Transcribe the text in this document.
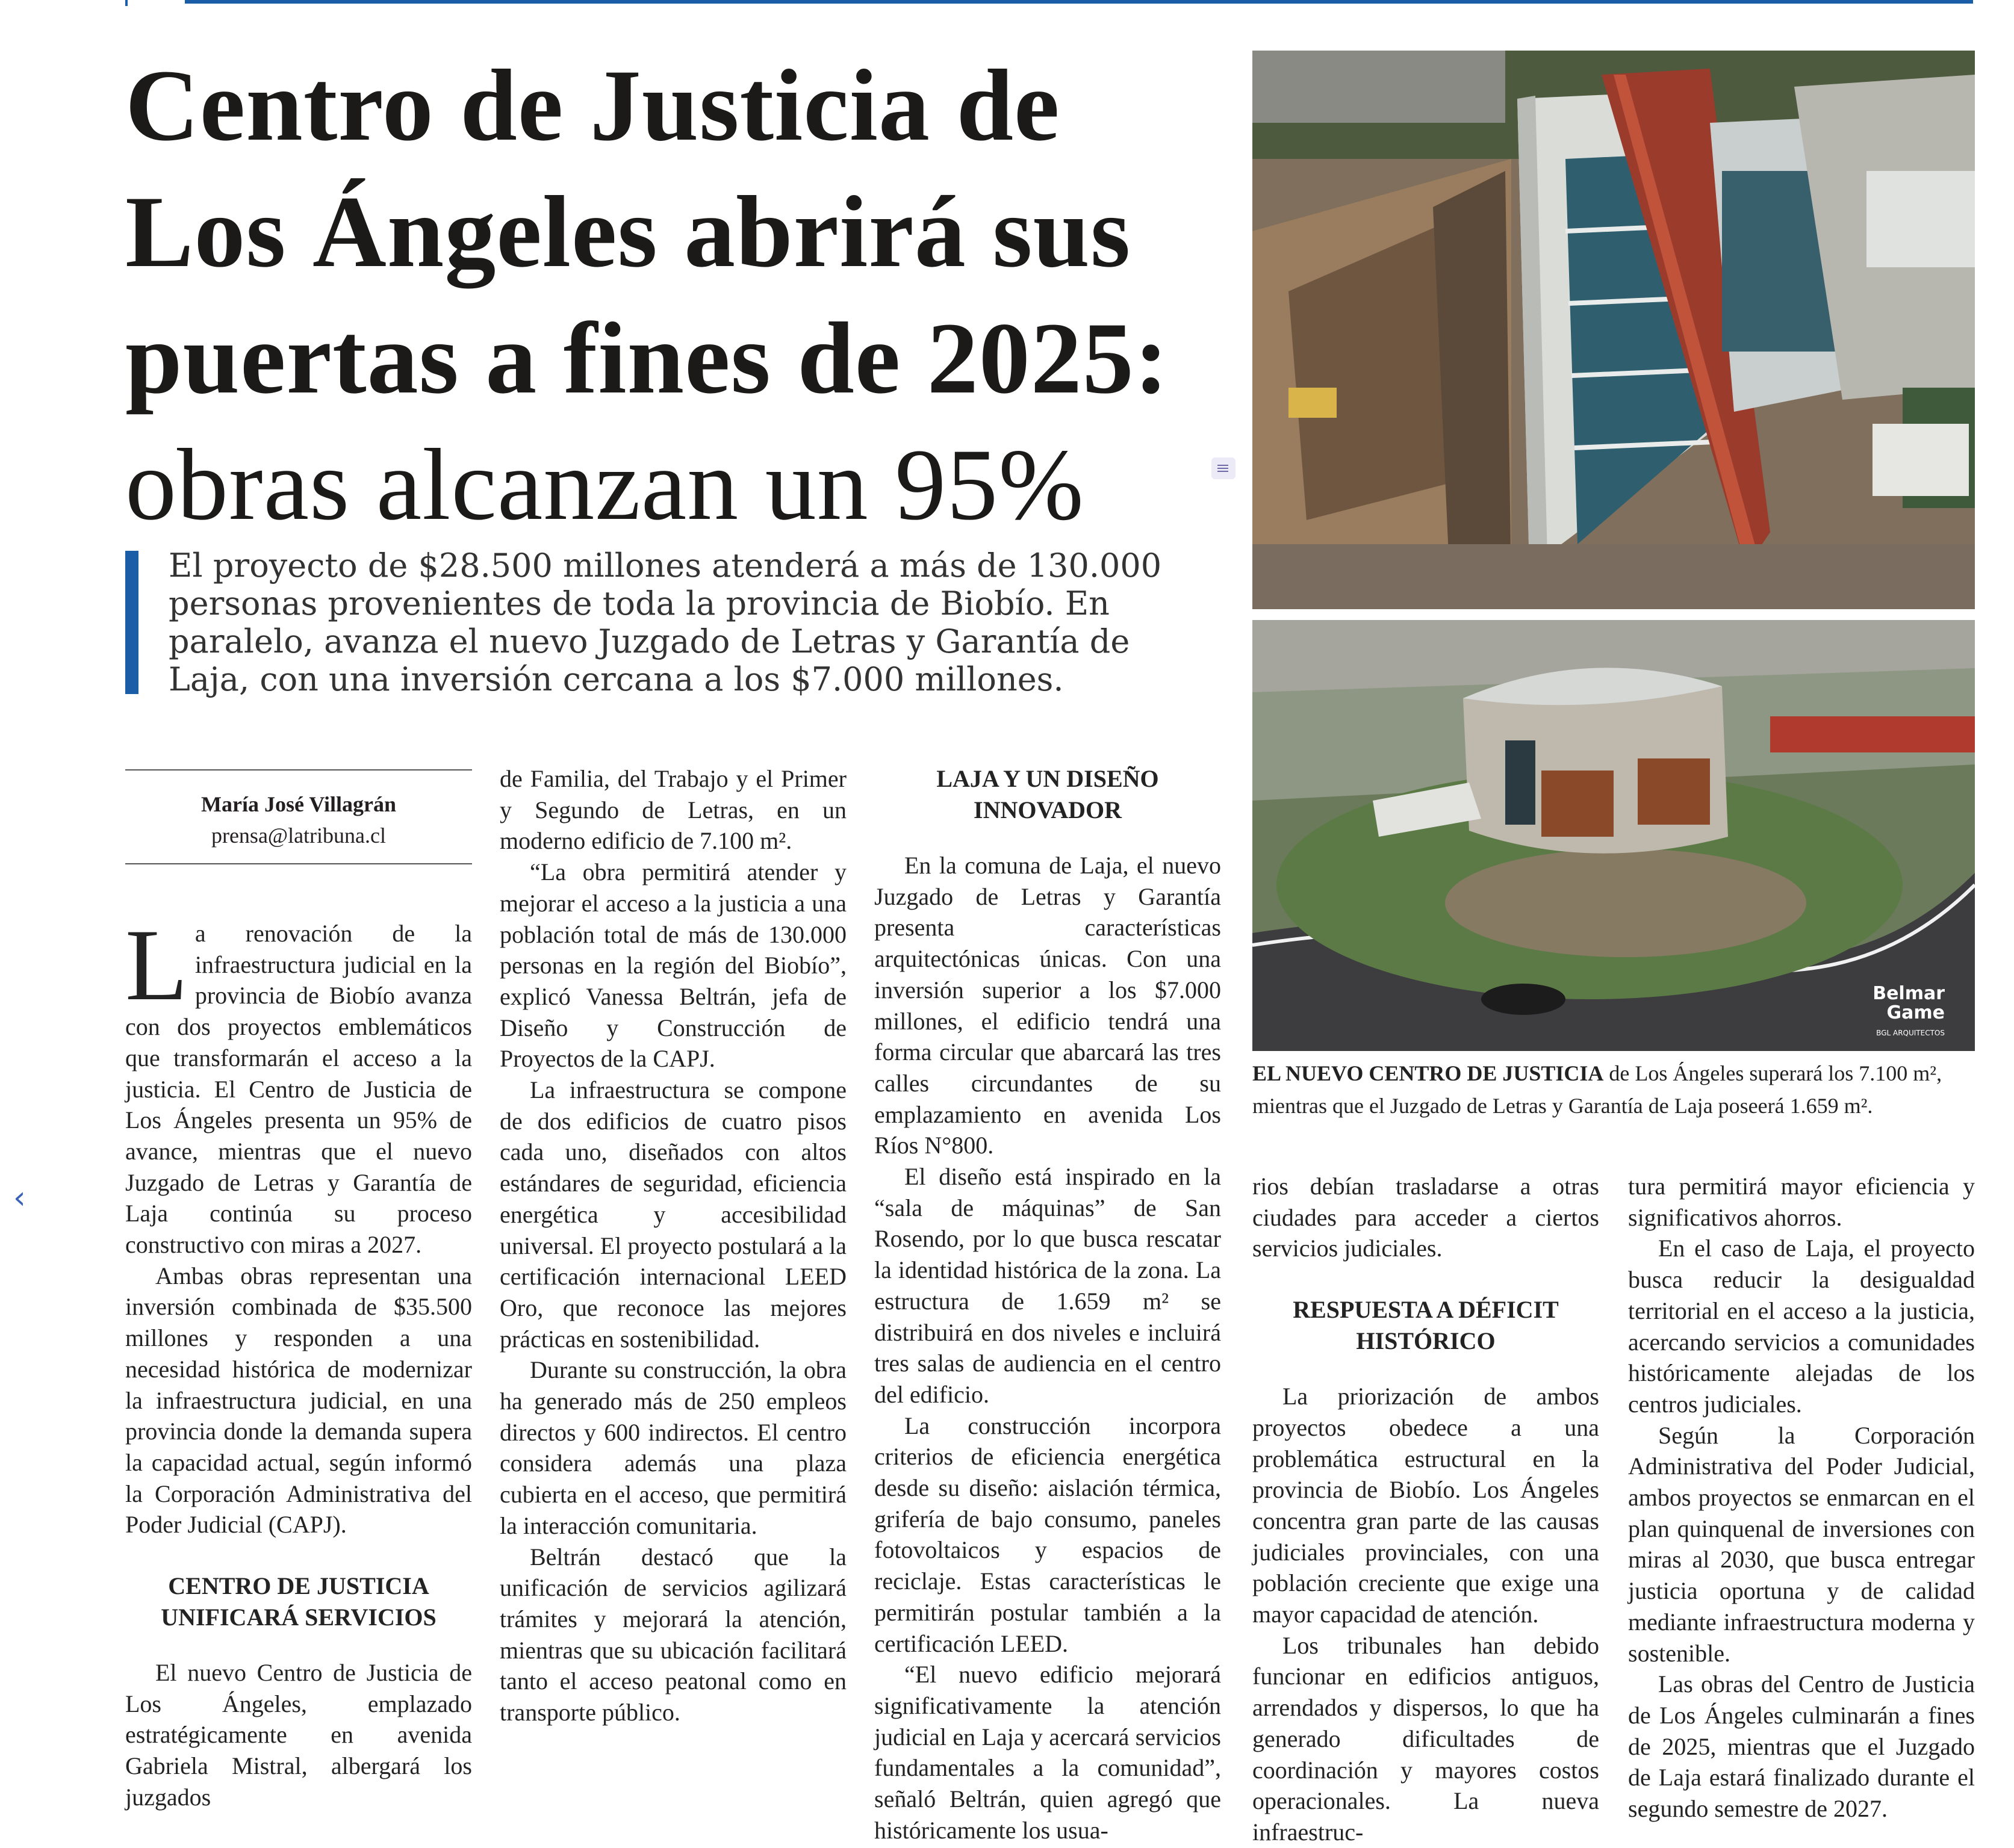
Centro de Justicia de
Los Ángeles abrirá sus
puertas a fines de 2025:
obras alcanzan un 95%
El proyecto de $28.500 millones atenderá a más de 130.000 personas provenientes de toda la provincia de Biobío. En paralelo, avanza el nuevo Juzgado de Letras y Garantía de Laja, con una inversión cercana a los $7.000 millones.
María José Villagrán
prensa@latribuna.cl
Belmar
Game
BGL ARQUITECTOS
EL NUEVO CENTRO DE JUSTICIA de Los Ángeles superará los 7.100 m², mientras que el Juzgado de Letras y Garantía de Laja poseerá 1.659 m².

La renovación de la infraestructura judicial en la provincia de Biobío avanza con dos proyectos emblemáticos que transformarán el acceso a la justicia. El Centro de Justicia de Los Ángeles presenta un 95% de avance, mientras que el nuevo Juzgado de Letras y Garantía de Laja continúa su proceso constructivo con miras a 2027.

Ambas obras representan una inversión combinada de $35.500 millones y responden a una necesidad histórica de modernizar la infraestructura judicial, en una provincia donde la demanda supera la capacidad actual, según informó la Corporación Administrativa del Poder Judicial (CAPJ).

CENTRO DE JUSTICIA UNIFICARÁ SERVICIOS

El nuevo Centro de Justicia de Los Ángeles, emplazado estratégicamente en avenida Gabriela Mistral, albergará los juzgados

de Familia, del Trabajo y el Primer y Segundo de Letras, en un moderno edificio de 7.100 m².

“La obra permitirá atender y mejorar el acceso a la justicia a una población total de más de 130.000 personas en la región del Biobío”, explicó Vanessa Beltrán, jefa de Diseño y Construcción de Proyectos de la CAPJ.

La infraestructura se compone de dos edificios de cuatro pisos cada uno, diseñados con altos estándares de seguridad, eficiencia energética y accesibilidad universal. El proyecto postulará a la certificación internacional LEED Oro, que reconoce las mejores prácticas en sostenibilidad.

Durante su construcción, la obra ha generado más de 250 empleos directos y 600 indirectos. El centro considera además una plaza cubierta en el acceso, que permitirá la interacción comunitaria.

Beltrán destacó que la unificación de servicios agilizará trámites y mejorará la atención, mientras que su ubicación facilitará tanto el acceso peatonal como en transporte público.

LAJA Y UN DISEÑO INNOVADOR

En la comuna de Laja, el nuevo Juzgado de Letras y Garantía presenta características arquitectónicas únicas. Con una inversión superior a los $7.000 millones, el edificio tendrá una forma circular que abarcará las tres calles circundantes de su emplazamiento en avenida Los Ríos N°800.

El diseño está inspirado en la “sala de máquinas” de San Rosendo, por lo que busca rescatar la identidad histórica de la zona. La estructura de 1.659 m² se distribuirá en dos niveles e incluirá tres salas de audiencia en el centro del edificio.

La construcción incorpora criterios de eficiencia energética desde su diseño: aislación térmica, grifería de bajo consumo, paneles fotovoltaicos y espacios de reciclaje. Estas características le permitirán postular también a la certificación LEED.

“El nuevo edificio mejorará significativamente la atención judicial en Laja y acercará servicios fundamentales a la comunidad”, señaló Beltrán, quien agregó que históricamente los usua-

rios debían trasladarse a otras ciudades para acceder a ciertos servicios judiciales.

RESPUESTA A DÉFICIT HISTÓRICO

La priorización de ambos proyectos obedece a una problemática estructural en la provincia de Biobío. Los Ángeles concentra gran parte de las causas judiciales provinciales, con una población creciente que exige una mayor capacidad de atención.

Los tribunales han debido funcionar en edificios antiguos, arrendados y dispersos, lo que ha generado dificultades de coordinación y mayores costos operacionales. La nueva infraestruc-

tura permitirá mayor eficiencia y significativos ahorros.

En el caso de Laja, el proyecto busca reducir la desigualdad territorial en el acceso a la justicia, acercando servicios a comunidades históricamente alejadas de los centros judiciales.

Según la Corporación Administrativa del Poder Judicial, ambos proyectos se enmarcan en el plan quinquenal de inversiones con miras al 2030, que busca entregar justicia oportuna y de calidad mediante infraestructura moderna y sostenible.

Las obras del Centro de Justicia de Los Ángeles culminarán a fines de 2025, mientras que el Juzgado de Laja estará finalizado durante el segundo semestre de 2027.

‹
